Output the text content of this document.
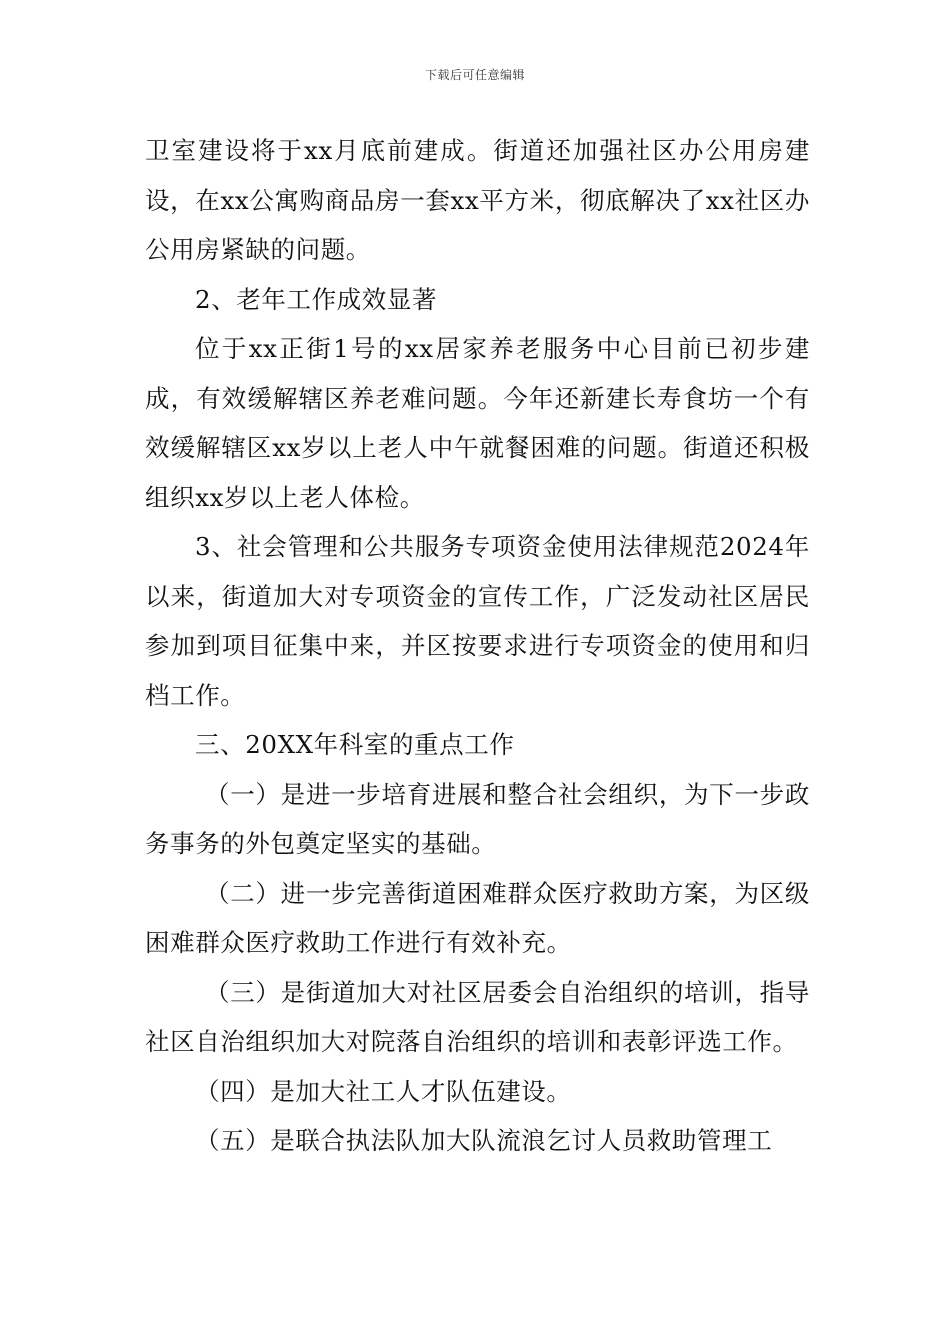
下载后可任意编辑

卫室建设将于xx月底前建成。街道还加强社区办公用房建设，在xx公寓购商品房一套xx平方米，彻底解决了xx社区办公用房紧缺的问题。

2、老年工作成效显著

位于xx正街1号的xx居家养老服务中心目前已初步建成，有效缓解辖区养老难问题。今年还新建长寿食坊一个有效缓解辖区xx岁以上老人中午就餐困难的问题。街道还积极组织xx岁以上老人体检。

3、社会管理和公共服务专项资金使用法律规范2024年以来，街道加大对专项资金的宣传工作，广泛发动社区居民参加到项目征集中来，并区按要求进行专项资金的使用和归档工作。

三、20XX年科室的重点工作

（一）是进一步培育进展和整合社会组织，为下一步政务事务的外包奠定坚实的基础。

（二）进一步完善街道困难群众医疗救助方案，为区级困难群众医疗救助工作进行有效补充。

（三）是街道加大对社区居委会自治组织的培训，指导社区自治组织加大对院落自治组织的培训和表彰评选工作。

（四）是加大社工人才队伍建设。

（五）是联合执法队加大队流浪乞讨人员救助管理工
